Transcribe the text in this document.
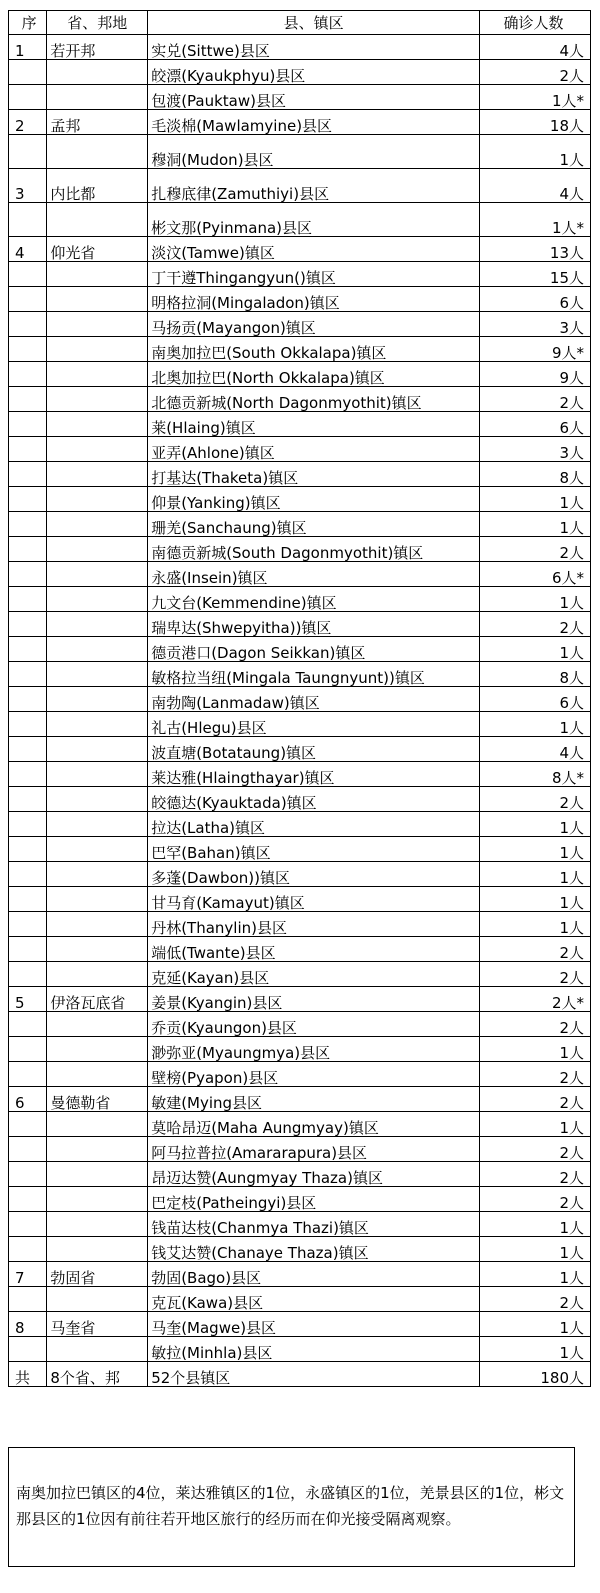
序	省、邦地	县、镇区	确诊人数
1	若开邦	实兑(Sittwe)县区	4人
		皎漂(Kyaukphyu)县区	2人
		包渡(Pauktaw)县区	1人*
2	孟邦	毛淡棉(Mawlamyine)县区	18人
		穆洞(Mudon)县区	1人
3	内比都	扎穆底律(Zamuthiyi)县区	4人
		彬文那(Pyinmana)县区	1人*
4	仰光省	淡汶(Tamwe)镇区	13人
		丁干遵Thingangyun()镇区	15人
		明格拉洞(Mingaladon)镇区	6人
		马扬贡(Mayangon)镇区	3人
		南奥加拉巴(South Okkalapa)镇区	9人*
		北奥加拉巴(North Okkalapa)镇区	9人
		北德贡新城(North Dagonmyothit)镇区	2人
		莱(Hlaing)镇区	6人
		亚弄(Ahlone)镇区	3人
		打基达(Thaketa)镇区	8人
		仰景(Yanking)镇区	1人
		珊羌(Sanchaung)镇区	1人
		南德贡新城(South Dagonmyothit)镇区	2人
		永盛(Insein)镇区	6人*
		九文台(Kemmendine)镇区	1人
		瑞卑达(Shwepyitha))镇区	2人
		德贡港口(Dagon Seikkan)镇区	1人
		敏格拉当纽(Mingala Taungnyunt))镇区	8人
		南勃陶(Lanmadaw)镇区	6人
		礼古(Hlegu)县区	1人
		波直塘(Botataung)镇区	4人
		莱达雅(Hlaingthayar)镇区	8人*
		皎德达(Kyauktada)镇区	2人
		拉达(Latha)镇区	1人
		巴罕(Bahan)镇区	1人
		多蓬(Dawbon))镇区	1人
		甘马育(Kamayut)镇区	1人
		丹林(Thanylin)县区	1人
		端低(Twante)县区	2人
		克延(Kayan)县区	2人
5	伊洛瓦底省	姜景(Kyangin)县区	2人*
		乔贡(Kyaungon)县区	2人
		渺弥亚(Myaungmya)县区	1人
		壁榜(Pyapon)县区	2人
6	曼德勒省	敏建(Mying县区	2人
		莫哈昂迈(Maha Aungmyay)镇区	1人
		阿马拉普拉(Amararapura)县区	2人
		昂迈达赞(Aungmyay Thaza)镇区	2人
		巴定枝(Patheingyi)县区	2人
		钱苗达枝(Chanmya Thazi)镇区	1人
		钱艾达赞(Chanaye Thaza)镇区	1人
7	勃固省	勃固(Bago)县区	1人
		克瓦(Kawa)县区	2人
8	马奎省	马奎(Magwe)县区	1人
		敏拉(Minhla)县区	1人
共	8个省、邦	52个县镇区	180人
南奥加拉巴镇区的4位，莱达雅镇区的1位，永盛镇区的1位，羌景县区的1位，彬文那县区的1位因有前往若开地区旅行的经历而在仰光接受隔离观察。
